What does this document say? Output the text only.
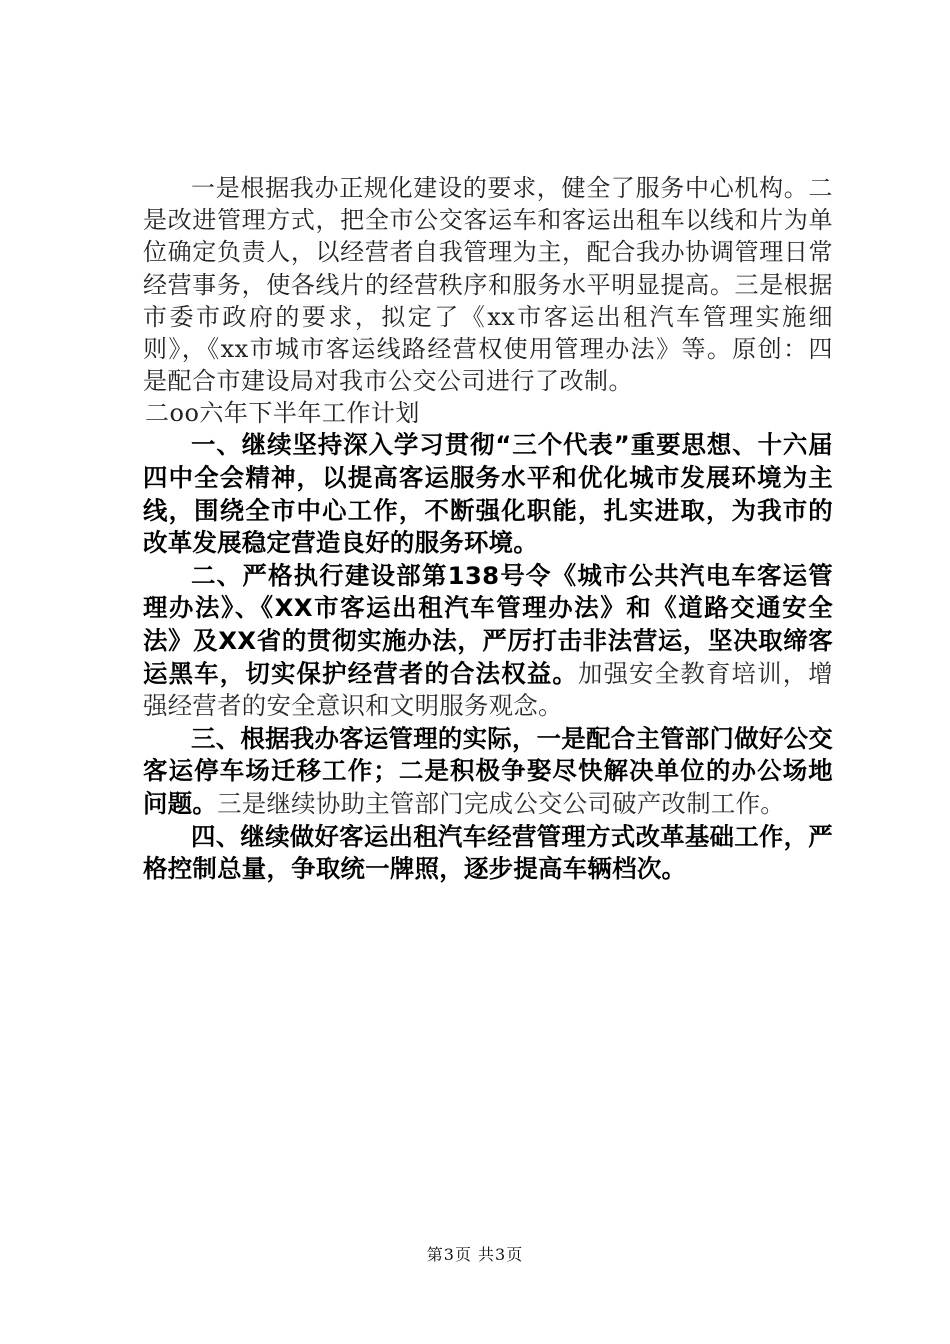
一是根据我办正规化建设的要求，健全了服务中心机构。二是改进管理方式，把全市公交客运车和客运出租车以线和片为单位确定负责人，以经营者自我管理为主，配合我办协调管理日常经营事务，使各线片的经营秩序和服务水平明显提高。三是根据市委市政府的要求，拟定了《xx市客运出租汽车管理实施细则》，《xx市城市客运线路经营权使用管理办法》等。原创：四是配合市建设局对我市公交公司进行了改制。

二oo六年下半年工作计划

一、继续坚持深入学习贯彻“三个代表”重要思想、十六届四中全会精神，以提高客运服务水平和优化城市发展环境为主线，围绕全市中心工作，不断强化职能，扎实进取，为我市的改革发展稳定营造良好的服务环境。

二、严格执行建设部第138号令《城市公共汽电车客运管理办法》、《XX市客运出租汽车管理办法》和《道路交通安全法》及XX省的贯彻实施办法，严厉打击非法营运，坚决取缔客运黑车，切实保护经营者的合法权益。加强安全教育培训，增强经营者的安全意识和文明服务观念。

三、根据我办客运管理的实际，一是配合主管部门做好公交客运停车场迁移工作；二是积极争娶尽快解决单位的办公场地问题。三是继续协助主管部门完成公交公司破产改制工作。

四、继续做好客运出租汽车经营管理方式改革基础工作，严格控制总量，争取统一牌照，逐步提高车辆档次。

第3页 共3页
